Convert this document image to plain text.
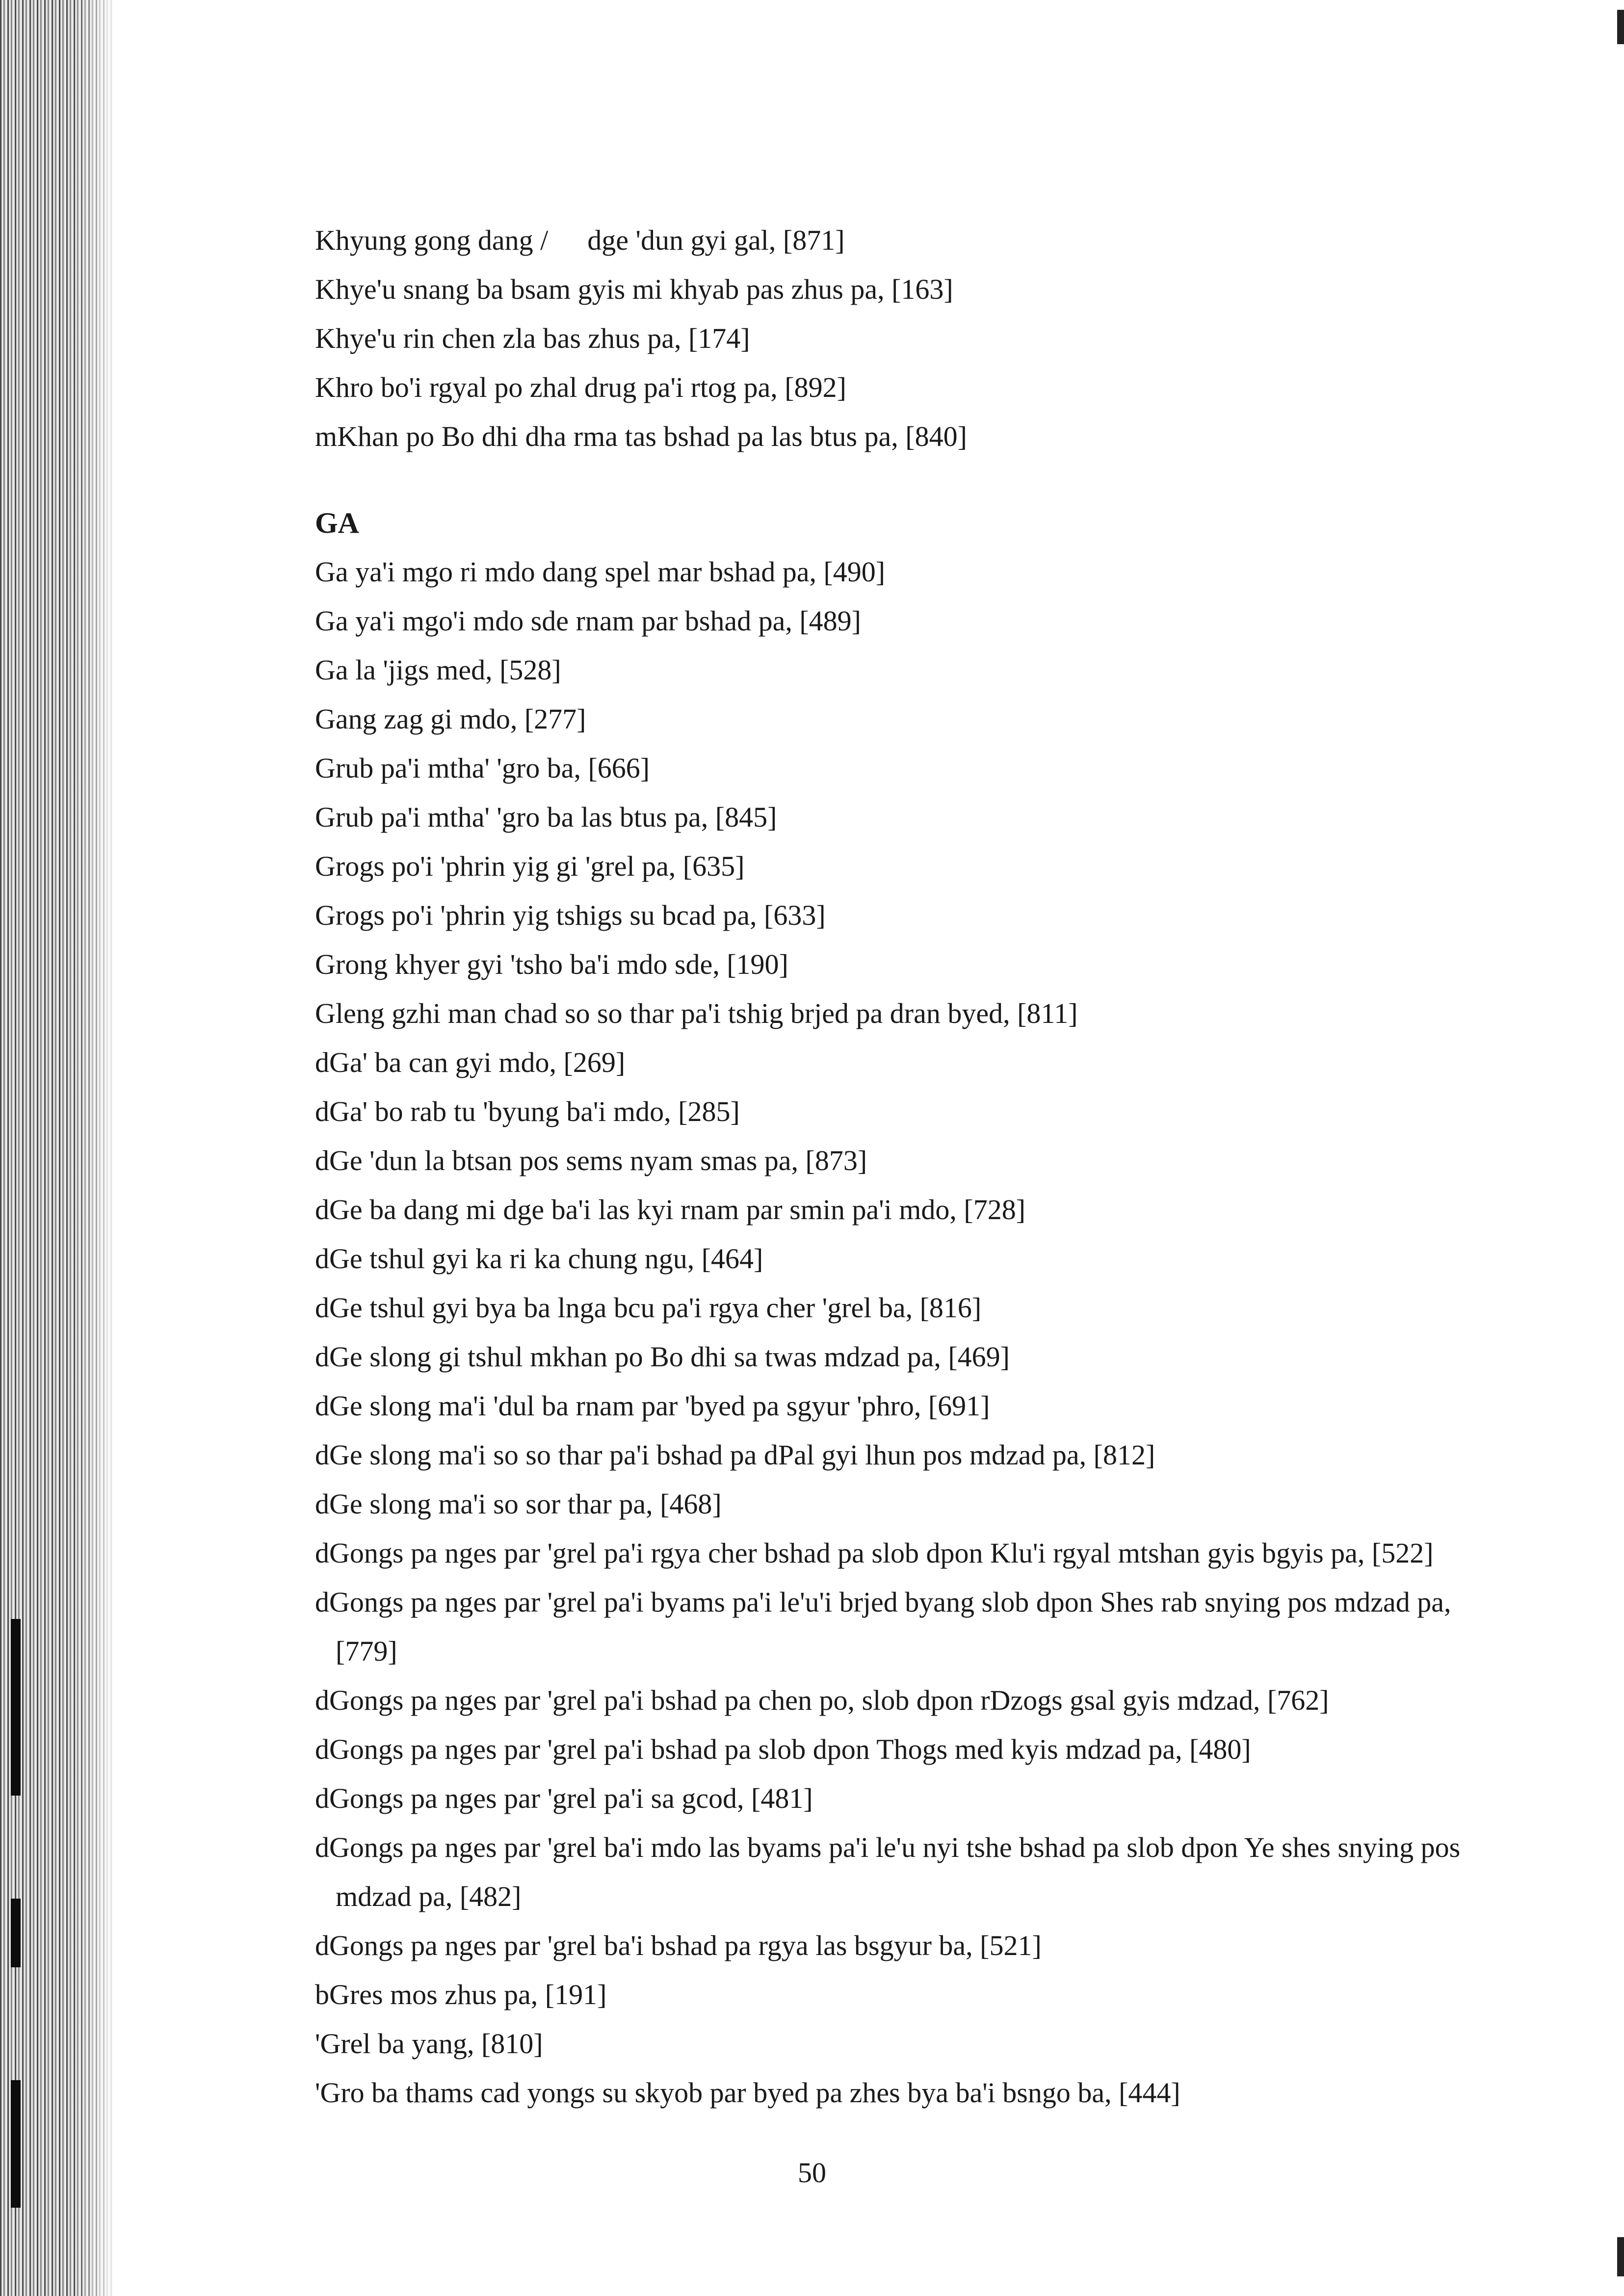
Khyung gong dang / dge 'dun gyi gal, [871]
Khye'u snang ba bsam gyis mi khyab pas zhus pa, [163]
Khye'u rin chen zla bas zhus pa, [174]
Khro bo'i rgyal po zhal drug pa'i rtog pa, [892]
mKhan po Bo dhi dha rma tas bshad pa las btus pa, [840]
GA
Ga ya'i mgo ri mdo dang spel mar bshad pa, [490]
Ga ya'i mgo'i mdo sde rnam par bshad pa, [489]
Ga la 'jigs med, [528]
Gang zag gi mdo, [277]
Grub pa'i mtha' 'gro ba, [666]
Grub pa'i mtha' 'gro ba las btus pa, [845]
Grogs po'i 'phrin yig gi 'grel pa, [635]
Grogs po'i 'phrin yig tshigs su bcad pa, [633]
Grong khyer gyi 'tsho ba'i mdo sde, [190]
Gleng gzhi man chad so so thar pa'i tshig brjed pa dran byed, [811]
dGa' ba can gyi mdo, [269]
dGa' bo rab tu 'byung ba'i mdo, [285]
dGe 'dun la btsan pos sems nyam smas pa, [873]
dGe ba dang mi dge ba'i las kyi rnam par smin pa'i mdo, [728]
dGe tshul gyi ka ri ka chung ngu, [464]
dGe tshul gyi bya ba lnga bcu pa'i rgya cher 'grel ba, [816]
dGe slong gi tshul mkhan po Bo dhi sa twas mdzad pa, [469]
dGe slong ma'i 'dul ba rnam par 'byed pa sgyur 'phro, [691]
dGe slong ma'i so so thar pa'i bshad pa dPal gyi lhun pos mdzad pa, [812]
dGe slong ma'i so sor thar pa, [468]
dGongs pa nges par 'grel pa'i rgya cher bshad pa slob dpon Klu'i rgyal mtshan gyis bgyis pa, [522]
dGongs pa nges par 'grel pa'i byams pa'i le'u'i brjed byang slob dpon Shes rab snying pos mdzad pa,
[779]
dGongs pa nges par 'grel pa'i bshad pa chen po, slob dpon rDzogs gsal gyis mdzad, [762]
dGongs pa nges par 'grel pa'i bshad pa slob dpon Thogs med kyis mdzad pa, [480]
dGongs pa nges par 'grel pa'i sa gcod, [481]
dGongs pa nges par 'grel ba'i mdo las byams pa'i le'u nyi tshe bshad pa slob dpon Ye shes snying pos
mdzad pa, [482]
dGongs pa nges par 'grel ba'i bshad pa rgya las bsgyur ba, [521]
bGres mos zhus pa, [191]
'Grel ba yang, [810]
'Gro ba thams cad yongs su skyob par byed pa zhes bya ba'i bsngo ba, [444]
50
